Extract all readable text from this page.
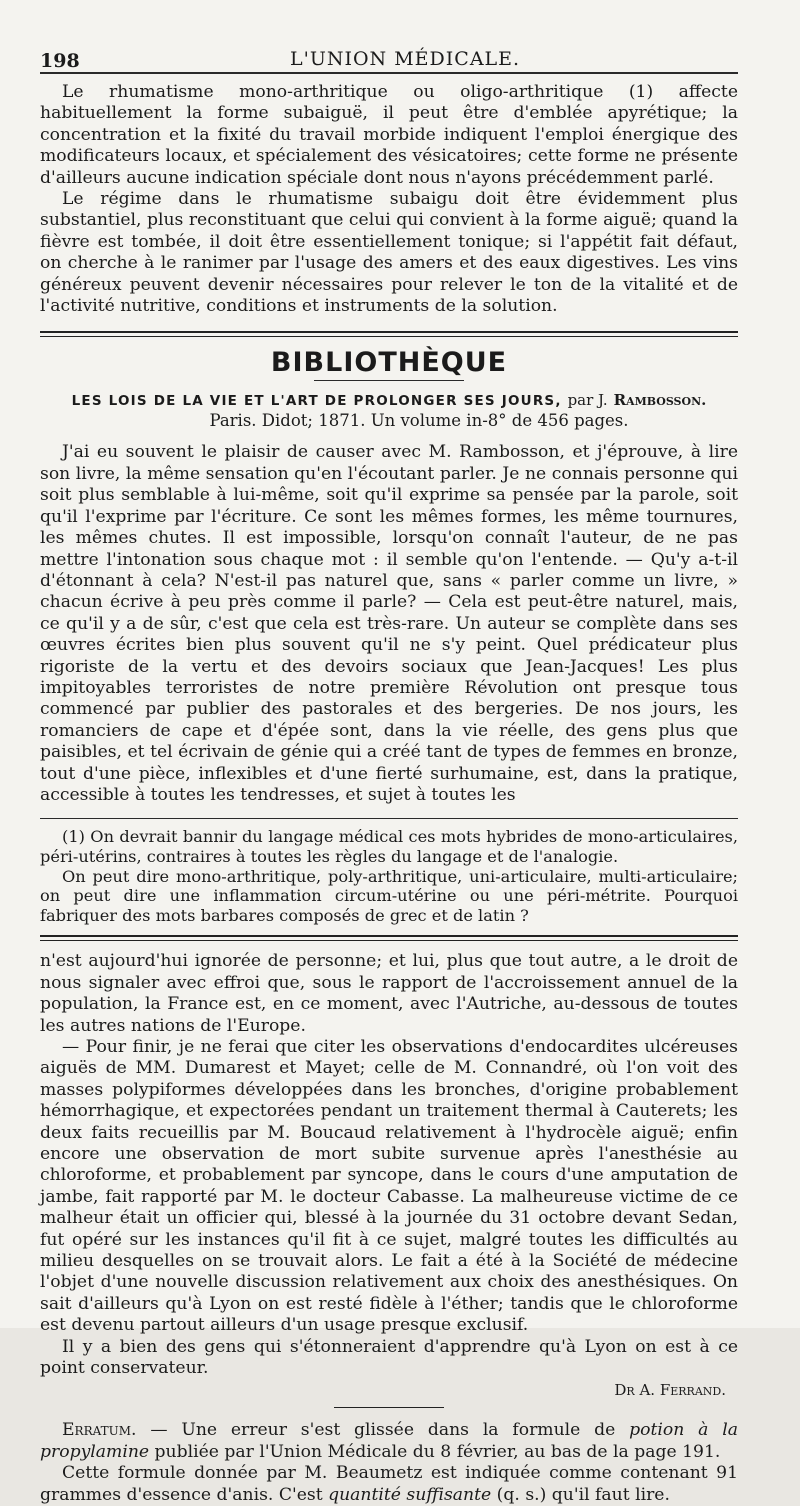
198	L'UNION MÉDICALE.

Le rhumatisme mono-arthritique ou oligo-arthritique (1) affecte habituellement la forme subaiguë, il peut être d'emblée apyrétique; la concentration et la fixité du travail morbide indiquent l'emploi énergique des modificateurs locaux, et spécialement des vésicatoires; cette forme ne présente d'ailleurs aucune indication spéciale dont nous n'ayons précédemment parlé.

Le régime dans le rhumatisme subaigu doit être évidemment plus substantiel, plus reconstituant que celui qui convient à la forme aiguë; quand la fièvre est tombée, il doit être essentiellement tonique; si l'appétit fait défaut, on cherche à le ranimer par l'usage des amers et des eaux digestives. Les vins généreux peuvent devenir nécessaires pour relever le ton de la vitalité et de l'activité nutritive, conditions et instruments de la solution.

BIBLIOTHÈQUE
LES LOIS DE LA VIE ET L'ART DE PROLONGER SES JOURS, par J. Rambosson.
Paris. Didot; 1871. Un volume in-8° de 456 pages.

J'ai eu souvent le plaisir de causer avec M. Rambosson, et j'éprouve, à lire son livre, la même sensation qu'en l'écoutant parler. Je ne connais personne qui soit plus semblable à lui-même, soit qu'il exprime sa pensée par la parole, soit qu'il l'exprime par l'écriture. Ce sont les mêmes formes, les même tournures, les mêmes chutes. Il est impossible, lorsqu'on connaît l'auteur, de ne pas mettre l'intonation sous chaque mot : il semble qu'on l'entende. — Qu'y a-t-il d'étonnant à cela? N'est-il pas naturel que, sans « parler comme un livre, » chacun écrive à peu près comme il parle? — Cela est peut-être naturel, mais, ce qu'il y a de sûr, c'est que cela est très-rare. Un auteur se complète dans ses œuvres écrites bien plus souvent qu'il ne s'y peint. Quel prédicateur plus rigoriste de la vertu et des devoirs sociaux que Jean-Jacques! Les plus impitoyables terroristes de notre première Révolution ont presque tous commencé par publier des pastorales et des bergeries. De nos jours, les romanciers de cape et d'épée sont, dans la vie réelle, des gens plus que paisibles, et tel écrivain de génie qui a créé tant de types de femmes en bronze, tout d'une pièce, inflexibles et d'une fierté surhumaine, est, dans la pratique, accessible à toutes les tendresses, et sujet à toutes les

(1) On devrait bannir du langage médical ces mots hybrides de mono-articulaires, péri-utérins, contraires à toutes les règles du langage et de l'analogie.

On peut dire mono-arthritique, poly-arthritique, uni-articulaire, multi-articulaire; on peut dire une inflammation circum-utérine ou une péri-métrite. Pourquoi fabriquer des mots barbares composés de grec et de latin ?

n'est aujourd'hui ignorée de personne; et lui, plus que tout autre, a le droit de nous signaler avec effroi que, sous le rapport de l'accroissement annuel de la population, la France est, en ce moment, avec l'Autriche, au-dessous de toutes les autres nations de l'Europe.

— Pour finir, je ne ferai que citer les observations d'endocardites ulcéreuses aiguës de MM. Dumarest et Mayet; celle de M. Connandré, où l'on voit des masses polypiformes développées dans les bronches, d'origine probablement hémorrhagique, et expectorées pendant un traitement thermal à Cauterets; les deux faits recueillis par M. Boucaud relativement à l'hydrocèle aiguë; enfin encore une observation de mort subite survenue après l'anesthésie au chloroforme, et probablement par syncope, dans le cours d'une amputation de jambe, fait rapporté par M. le docteur Cabasse. La malheureuse victime de ce malheur était un officier qui, blessé à la journée du 31 octobre devant Sedan, fut opéré sur les instances qu'il fit à ce sujet, malgré toutes les difficultés au milieu desquelles on se trouvait alors. Le fait a été à la Société de médecine l'objet d'une nouvelle discussion relativement aux choix des anesthésiques. On sait d'ailleurs qu'à Lyon on est resté fidèle à l'éther; tandis que le chloroforme est devenu partout ailleurs d'un usage presque exclusif.

Il y a bien des gens qui s'étonneraient d'apprendre qu'à Lyon on est à ce point conservateur.

Dr A. Ferrand.

Erratum. — Une erreur s'est glissée dans la formule de potion à la propylamine publiée par l'Union Médicale du 8 février, au bas de la page 191.

Cette formule donnée par M. Beaumetz est indiquée comme contenant 91 grammes d'essence d'anis. C'est quantité suffisante (q. s.) qu'il faut lire.
